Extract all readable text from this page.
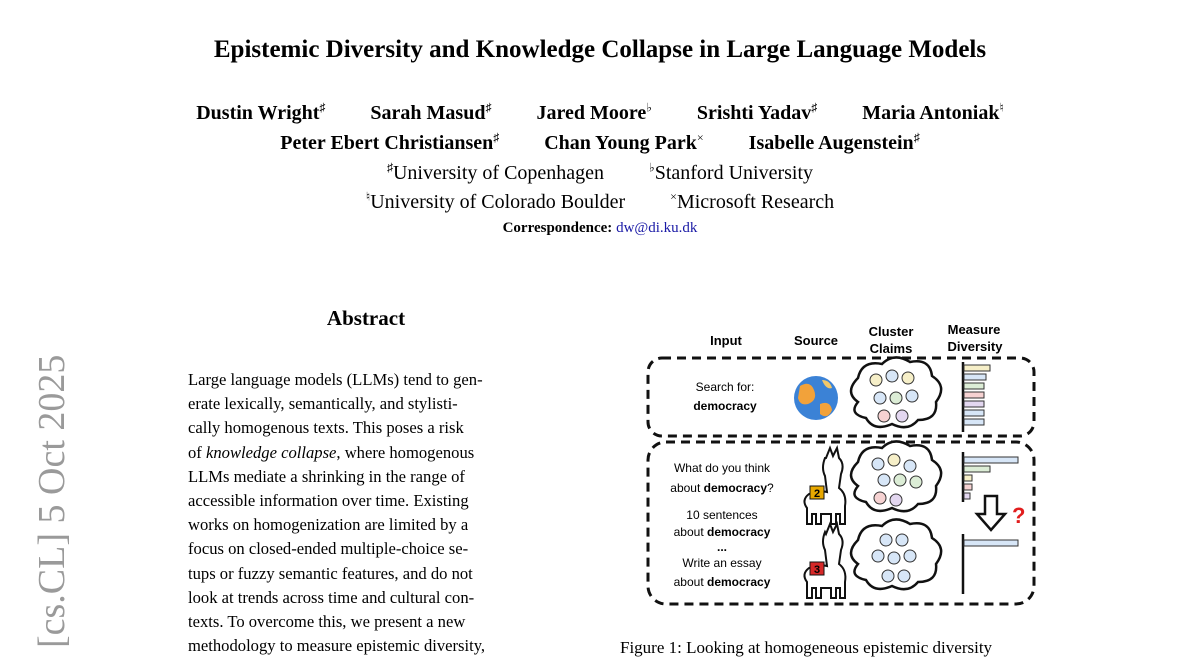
Epistemic Diversity and Knowledge Collapse in Large Language Models
Dustin Wright♯ Sarah Masud♯ Jared Moore♭ Srishti Yadav♯ Maria Antoniak♮
Peter Ebert Christiansen♯ Chan Young Park× Isabelle Augenstein♯
♯University of Copenhagen	♭Stanford University
♮University of Colorado Boulder	×Microsoft Research
Correspondence: dw@di.ku.dk
Abstract
Large language models (LLMs) tend to gen-
erate lexically, semantically, and stylisti-
cally homogenous texts. This poses a risk
of knowledge collapse, where homogenous
LLMs mediate a shrinking in the range of
accessible information over time. Existing
works on homogenization are limited by a
focus on closed-ended multiple-choice se-
tups or fuzzy semantic features, and do not
look at trends across time and cultural con-
texts. To overcome this, we present a new
methodology to measure epistemic diversity,
[cs.CL] 5 Oct 2025
Input	Source
Cluster
Claims
Measure
Diversity
Search for:
democracy
What do you think
about democracy?
10 sentences
about democracy
...
Write an essay
about democracy
2
3
?
Figure 1: Looking at homogeneous epistemic diversity
